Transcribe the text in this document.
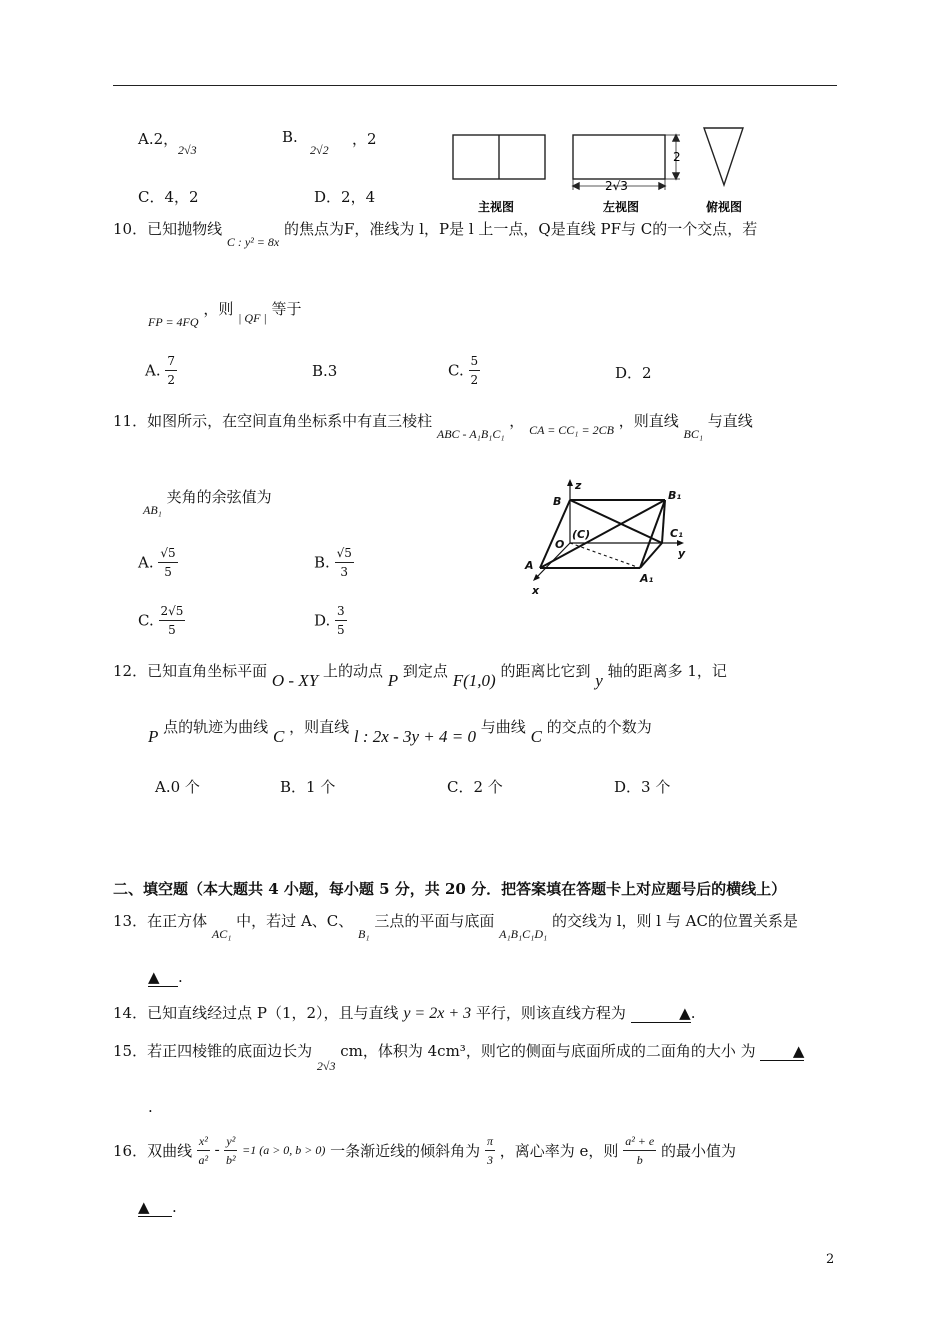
A.2，
2√3
B.
2√2
，2
C．4，2	D．2，4
2
2√3
主视图	左视图	俯视图
10．已知抛物线 $_{C : y^2 = 8x}$ 的焦点为F，准线为 l，P是 l 上一点，Q是直线 PF与 C的一个交点，若
$_{FP = 4FQ}$ ，则 $_{| QF |}$ 等于
A. $\frac{7}{2}$	B.3	C. $\frac{5}{2}$	D．2
11．如图所示，在空间直角坐标系中有直三棱柱 $_{ABC - A_1B_1C_1}$ ， $_{CA = CC_1 = 2CB}$ ，则直线 $_{BC_1}$ 与直线
$_{AB_1}$ 夹角的余弦值为
A. $\frac{√5}{5}$	B. $\frac{√5}{3}$
C. $\frac{2√5}{5}$	D. $\frac{3}{5}$
z
B	B₁
C₁
O
(C)
y
A
A₁
x
12．已知直角坐标平面 O - XY 上的动点 P 到定点 F(1,0) 的距离比它到 y 轴的距离多 1，记
P 点的轨迹为曲线 C ，则直线 l : 2x - 3y + 4 = 0 与曲线 C 的交点的个数为
A.0 个	B．1 个	C．2 个	D．3 个
二、填空题（本大题共 4 小题，每小题 5 分，共 20 分．把答案填在答题卡上对应题号后的横线上）
13．在正方体 $_{AC_1}$ 中，若过 A、C、 $_{B_1}$ 三点的平面与底面 $_{A_1B_1C_1D_1}$ 的交线为 l，则 l 与 AC的位置关系是
▲ .
14．已知直线经过点 P（1，2），且与直线 y = 2x + 3 平行，则该直线方程为	▲.
15．若正四棱锥的底面边长为 $_{2√3}$ cm，体积为 4cm³，则它的侧面与底面所成的二面角的大小 为 ▲
.
16．双曲线 $\frac{\text{x²}}{\text{a²}} - \frac{\text{y²}}{\text{b²}} =1$ (a > 0, b > 0) 一条渐近线的倾斜角为 $\frac{\pi}{3}$ ，离心率为 e，则 $\frac{\text{a² + e}}{b}$ 的最小值为
▲ .
2
